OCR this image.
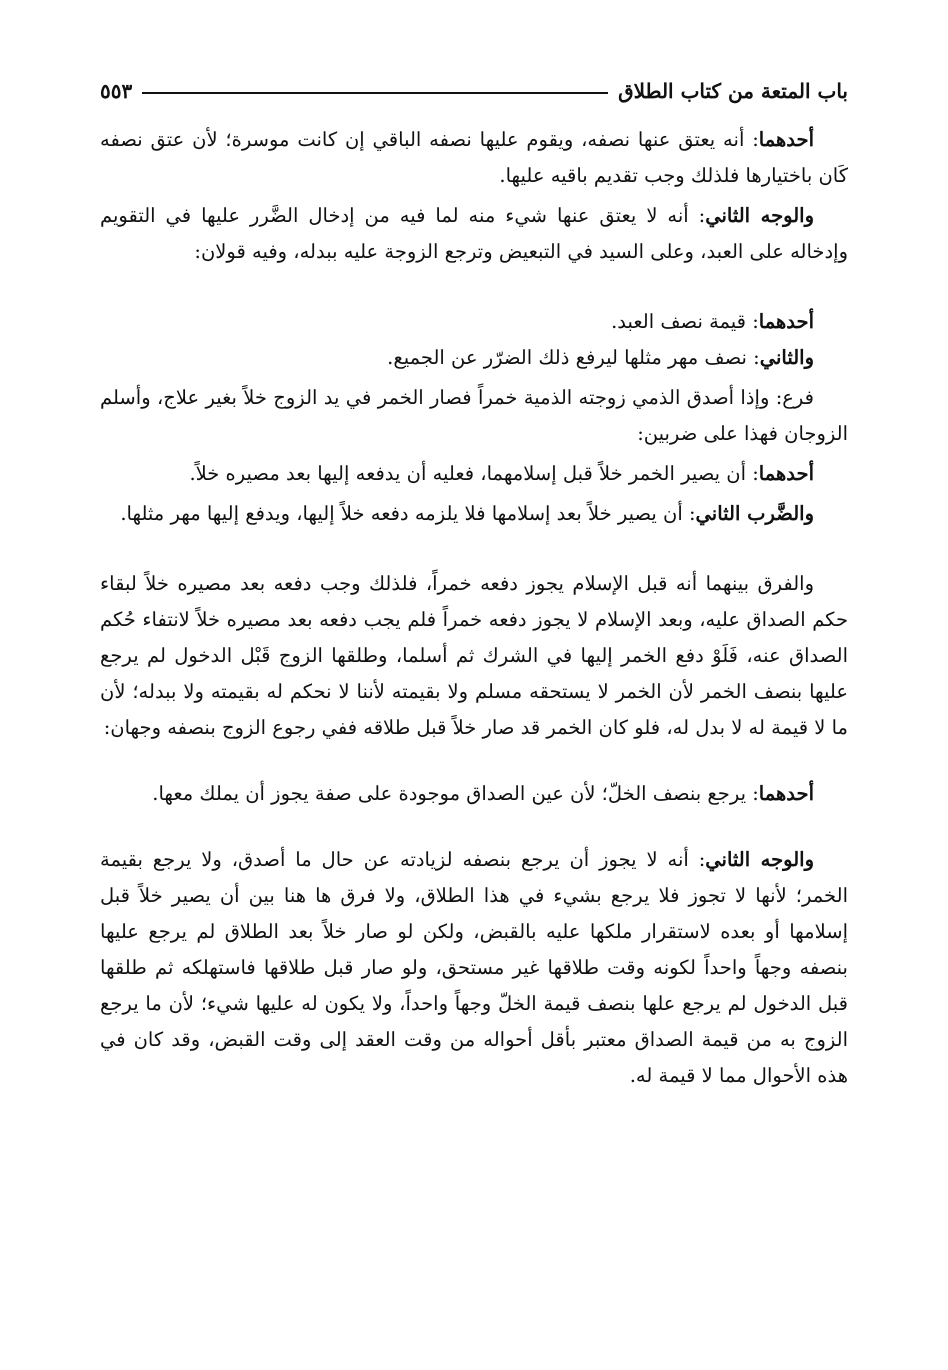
باب المتعة من كتاب الطلاق
٥٥٣

أحدهما: أنه يعتق عنها نصفه، ويقوم عليها نصفه الباقي إن كانت موسرة؛ لأن عتق نصفه كَان باختيارها فلذلك وجب تقديم باقيه عليها.

والوجه الثاني: أنه لا يعتق عنها شيء منه لما فيه من إدخال الضَّرر عليها في التقويم وإدخاله على العبد، وعلى السيد في التبعيض وترجع الزوجة عليه ببدله، وفيه قولان:

أحدهما: قيمة نصف العبد.

والثاني: نصف مهر مثلها ليرفع ذلك الضرّر عن الجميع.

فرع: وإذا أصدق الذمي زوجته الذمية خمراً فصار الخمر في يد الزوج خلاً بغير علاج، وأسلم الزوجان فهذا على ضربين:

أحدهما: أن يصير الخمر خلاً قبل إسلامهما، فعليه أن يدفعه إليها بعد مصيره خلاً.

والضَّرب الثاني: أن يصير خلاً بعد إسلامها فلا يلزمه دفعه خلاً إليها، ويدفع إليها مهر مثلها.

والفرق بينهما أنه قبل الإسلام يجوز دفعه خمراً، فلذلك وجب دفعه بعد مصيره خلاً لبقاء حكم الصداق عليه، وبعد الإسلام لا يجوز دفعه خمراً فلم يجب دفعه بعد مصيره خلاً لانتفاء حُكم الصداق عنه، فَلَوْ دفع الخمر إليها في الشرك ثم أسلما، وطلقها الزوج قَبْل الدخول لم يرجع عليها بنصف الخمر لأن الخمر لا يستحقه مسلم ولا بقيمته لأننا لا نحكم له بقيمته ولا ببدله؛ لأن ما لا قيمة له لا بدل له، فلو كان الخمر قد صار خلاً قبل طلاقه ففي رجوع الزوج بنصفه وجهان:

أحدهما: يرجع بنصف الخلّ؛ لأن عين الصداق موجودة على صفة يجوز أن يملك معها.

والوجه الثاني: أنه لا يجوز أن يرجع بنصفه لزيادته عن حال ما أصدق، ولا يرجع بقيمة الخمر؛ لأنها لا تجوز فلا يرجع بشيء في هذا الطلاق، ولا فرق ها هنا بين أن يصير خلاً قبل إسلامها أو بعده لاستقرار ملكها عليه بالقبض، ولكن لو صار خلاً بعد الطلاق لم يرجع عليها بنصفه وجهاً واحداً لكونه وقت طلاقها غير مستحق، ولو صار قبل طلاقها فاستهلكه ثم طلقها قبل الدخول لم يرجع علها بنصف قيمة الخلّ وجهاً واحداً، ولا يكون له عليها شيء؛ لأن ما يرجع الزوج به من قيمة الصداق معتبر بأقل أحواله من وقت العقد إلى وقت القبض، وقد كان في هذه الأحوال مما لا قيمة له.
